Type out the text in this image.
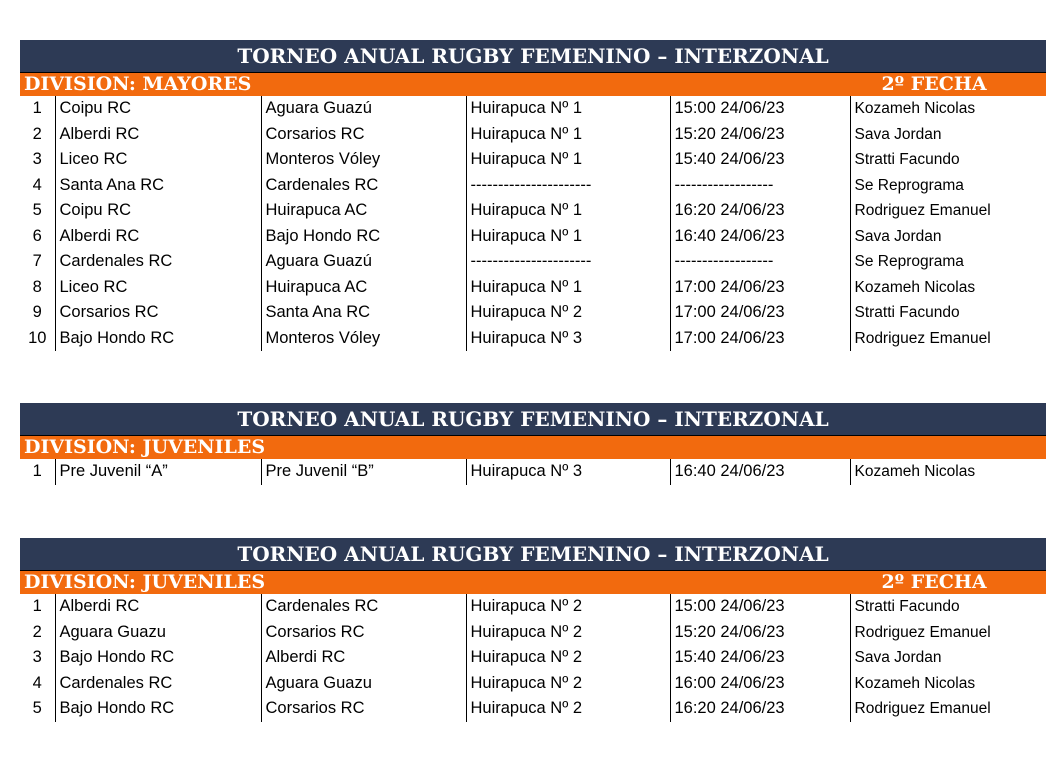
TORNEO ANUAL RUGBY FEMENINO – INTERZONAL
DIVISION: MAYORES	2º FECHA
1	Coipu RC	Aguara Guazú	Huirapuca Nº 1	15:00 24/06/23	Kozameh Nicolas
2	Alberdi RC	Corsarios RC	Huirapuca Nº 1	15:20 24/06/23	Sava Jordan
3	Liceo RC	Monteros Vóley	Huirapuca Nº 1	15:40 24/06/23	Stratti Facundo
4	Santa Ana RC	Cardenales RC	----------------------	------------------	Se Reprograma
5	Coipu RC	Huirapuca AC	Huirapuca Nº 1	16:20 24/06/23	Rodriguez Emanuel
6	Alberdi RC	Bajo Hondo RC	Huirapuca Nº 1	16:40 24/06/23	Sava Jordan
7	Cardenales RC	Aguara Guazú	----------------------	------------------	Se Reprograma
8	Liceo RC	Huirapuca AC	Huirapuca Nº 1	17:00 24/06/23	Kozameh Nicolas
9	Corsarios RC	Santa Ana RC	Huirapuca Nº 2	17:00 24/06/23	Stratti Facundo
10	Bajo Hondo RC	Monteros Vóley	Huirapuca Nº 3	17:00 24/06/23	Rodriguez Emanuel
TORNEO ANUAL RUGBY FEMENINO – INTERZONAL
DIVISION: JUVENILES
1	Pre Juvenil “A”	Pre Juvenil “B”	Huirapuca Nº 3	16:40 24/06/23	Kozameh Nicolas
TORNEO ANUAL RUGBY FEMENINO – INTERZONAL
DIVISION: JUVENILES	2º FECHA
1	Alberdi RC	Cardenales RC	Huirapuca Nº 2	15:00 24/06/23	Stratti Facundo
2	Aguara Guazu	Corsarios RC	Huirapuca Nº 2	15:20 24/06/23	Rodriguez Emanuel
3	Bajo Hondo RC	Alberdi RC	Huirapuca Nº 2	15:40 24/06/23	Sava Jordan
4	Cardenales RC	Aguara Guazu	Huirapuca Nº 2	16:00 24/06/23	Kozameh Nicolas
5	Bajo Hondo RC	Corsarios RC	Huirapuca Nº 2	16:20 24/06/23	Rodriguez Emanuel
